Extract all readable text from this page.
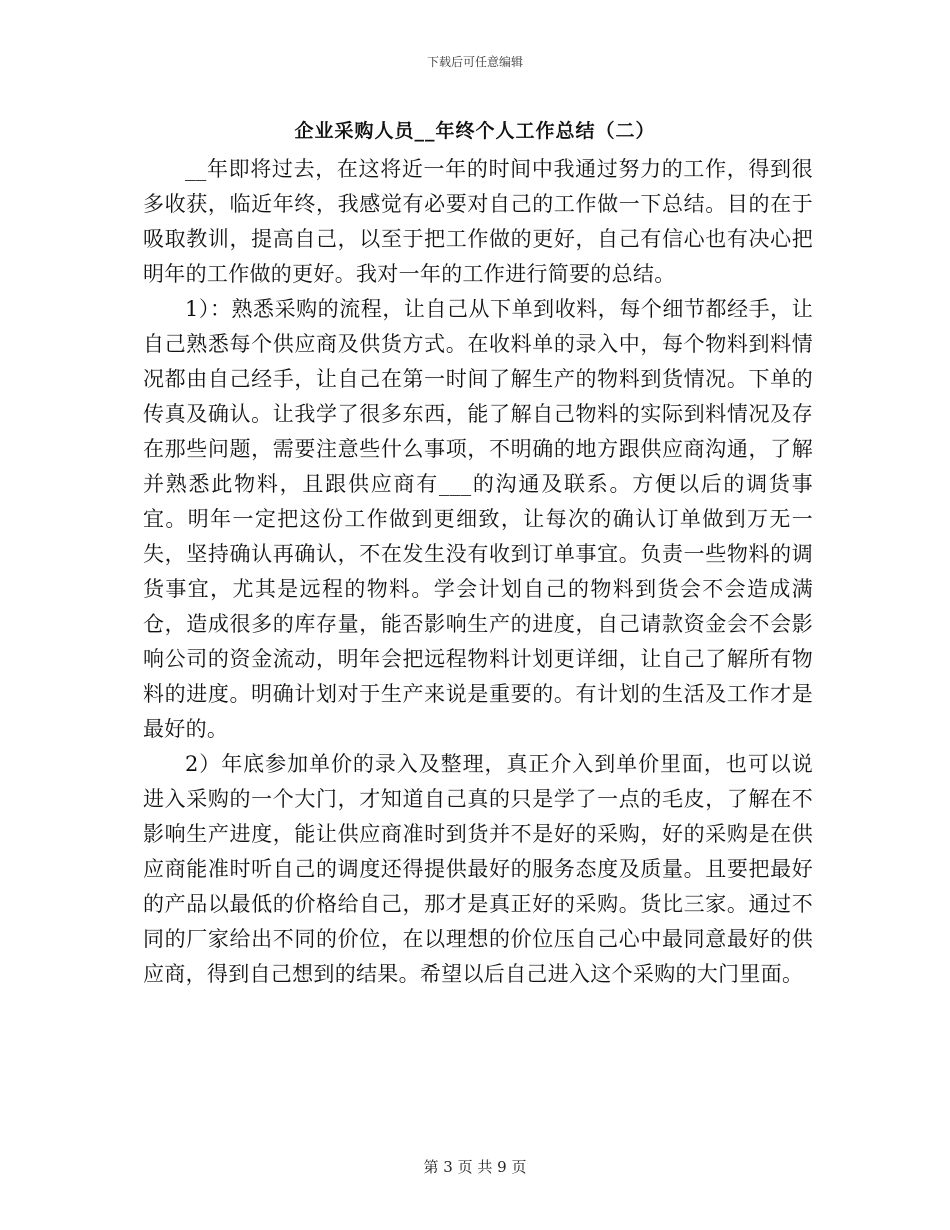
下载后可任意编辑
企业采购人员__年终个人工作总结（二）

__年即将过去，在这将近一年的时间中我通过努力的工作，得到很多收获，临近年终，我感觉有必要对自己的工作做一下总结。目的在于吸取教训，提高自己，以至于把工作做的更好，自己有信心也有决心把明年的工作做的更好。我对一年的工作进行简要的总结。

1）：熟悉采购的流程，让自己从下单到收料，每个细节都经手，让自己熟悉每个供应商及供货方式。在收料单的录入中，每个物料到料情况都由自己经手，让自己在第一时间了解生产的物料到货情况。下单的传真及确认。让我学了很多东西，能了解自己物料的实际到料情况及存在那些问题，需要注意些什么事项，不明确的地方跟供应商沟通，了解并熟悉此物料，且跟供应商有___的沟通及联系。方便以后的调货事宜。明年一定把这份工作做到更细致，让每次的确认订单做到万无一失，坚持确认再确认，不在发生没有收到订单事宜。负责一些物料的调货事宜，尤其是远程的物料。学会计划自己的物料到货会不会造成满仓，造成很多的库存量，能否影响生产的进度，自己请款资金会不会影响公司的资金流动，明年会把远程物料计划更详细，让自己了解所有物料的进度。明确计划对于生产来说是重要的。有计划的生活及工作才是最好的。

2）年底参加单价的录入及整理，真正介入到单价里面，也可以说进入采购的一个大门，才知道自己真的只是学了一点的毛皮，了解在不影响生产进度，能让供应商准时到货并不是好的采购，好的采购是在供应商能准时听自己的调度还得提供最好的服务态度及质量。且要把最好的产品以最低的价格给自己，那才是真正好的采购。货比三家。通过不同的厂家给出不同的价位，在以理想的价位压自己心中最同意最好的供应商，得到自己想到的结果。希望以后自己进入这个采购的大门里面。

第 3 页 共 9 页
